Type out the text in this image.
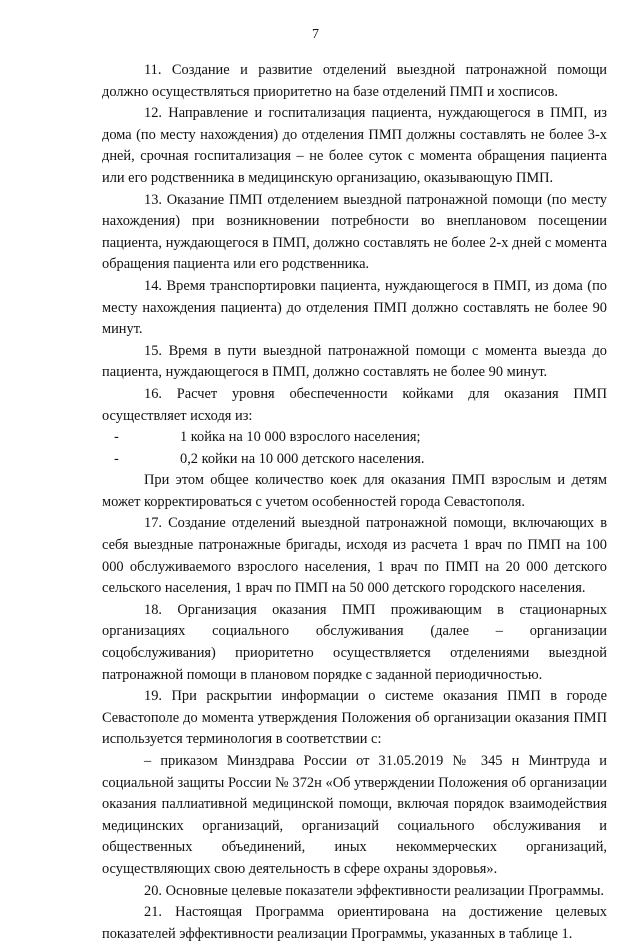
7

11. Создание и развитие отделений выездной патронажной помощи должно осуществляться приоритетно на базе отделений ПМП и хосписов.

12. Направление и госпитализация пациента, нуждающегося в ПМП, из дома (по месту нахождения) до отделения ПМП должны составлять не более 3-х дней, срочная госпитализация – не более суток с момента обращения пациента или его родственника в медицинскую организацию, оказывающую ПМП.

13. Оказание ПМП отделением выездной патронажной помощи (по месту нахождения) при возникновении потребности во внеплановом посещении пациента, нуждающегося в ПМП, должно составлять не более 2-х дней с момента обращения пациента или его родственника.

14. Время транспортировки пациента, нуждающегося в ПМП, из дома (по месту нахождения пациента) до отделения ПМП должно составлять не более 90 минут.

15. Время в пути выездной патронажной помощи с момента выезда до пациента, нуждающегося в ПМП, должно составлять не более 90 минут.

16. Расчет уровня обеспеченности койками для оказания ПМП осуществляет исходя из:

-	1 койка на 10 000 взрослого населения;

-	0,2 койки на 10 000 детского населения.

При этом общее количество коек для оказания ПМП взрослым и детям может корректироваться с учетом особенностей города Севастополя.

17. Создание отделений выездной патронажной помощи, включающих в себя выездные патронажные бригады, исходя из расчета 1 врач по ПМП на 100 000 обслуживаемого взрослого населения, 1 врач по ПМП на 20 000 детского сельского населения, 1 врач по ПМП на 50 000 детского городского населения.

18. Организация оказания ПМП проживающим в стационарных организациях социального обслуживания (далее – организации соцобслуживания) приоритетно осуществляется отделениями выездной патронажной помощи в плановом порядке с заданной периодичностью.

19. При раскрытии информации о системе оказания ПМП в городе Севастополе до момента утверждения Положения об организации оказания ПМП используется терминология в соответствии с:

– приказом Минздрава России от 31.05.2019 № 345 н Минтруда и социальной защиты России № 372н «Об утверждении Положения об организации оказания паллиативной медицинской помощи, включая порядок взаимодействия медицинских организаций, организаций социального обслуживания и общественных объединений, иных некоммерческих организаций, осуществляющих свою деятельность в сфере охраны здоровья».

20. Основные целевые показатели эффективности реализации Программы.

21. Настоящая Программа ориентирована на достижение целевых показателей эффективности реализации Программы, указанных в таблице 1.
